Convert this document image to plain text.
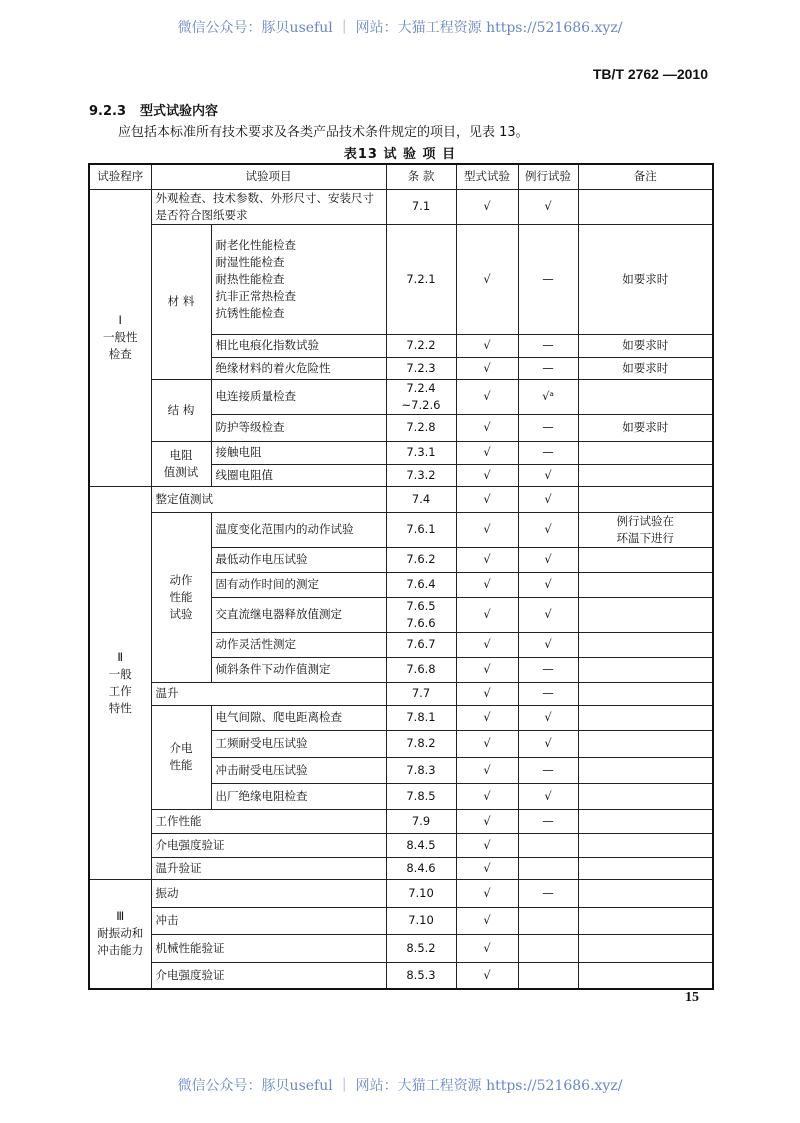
微信公众号：豚贝useful ｜ 网站：大猫工程资源 https://521686.xyz/
TB/T 2762 —2010
9.2.3 型式试验内容
应包括本标准所有技术要求及各类产品技术条件规定的项目，见表 13。
表13 试 验 项 目
试验程序	试验项目		条 款	型式试验	例行试验	备注
Ⅰ
一般性
检查	外观检查、技术参数、外形尺寸、安装尺寸是否符合图纸要求		7.1	√	√	
	材 料	耐老化性能检查
耐湿性能检查
耐热性能检查
抗非正常热检查
抗锈性能检查	7.2.1	√	—	如要求时
		相比电痕化指数试验	7.2.2	√	—	如要求时
		绝缘材料的着火危险性	7.2.3	√	—	如要求时
	结 构	电连接质量检查	7.2.4
~7.2.6	√	√ᵃ	
		防护等级检查	7.2.8	√	—	如要求时
	电阻
值测试	接触电阻	7.3.1	√	—	
		线圈电阻值	7.3.2	√	√	
Ⅱ
一般
工作
特性	整定值测试		7.4	√	√	
	动作
性能
试验	温度变化范围内的动作试验	7.6.1	√	√	例行试验在
环温下进行
		最低动作电压试验	7.6.2	√	√	
		固有动作时间的测定	7.6.4	√	√	
		交直流继电器释放值测定	7.6.5
7.6.6	√	√	
		动作灵活性测定	7.6.7	√	√	
		倾斜条件下动作值测定	7.6.8	√	—	
	温升		7.7	√	—	
	介电
性能	电气间隙、爬电距离检查	7.8.1	√	√	
		工频耐受电压试验	7.8.2	√	√	
		冲击耐受电压试验	7.8.3	√	—	
		出厂绝缘电阻检查	7.8.5	√	√	
	工作性能		7.9	√	—	
	介电强度验证		8.4.5	√		
	温升验证		8.4.6	√		
Ⅲ
耐振动和
冲击能力	振动		7.10	√	—	
	冲击		7.10	√		
	机械性能验证		8.5.2	√		
	介电强度验证		8.5.3	√		
15
微信公众号：豚贝useful ｜ 网站：大猫工程资源 https://521686.xyz/
